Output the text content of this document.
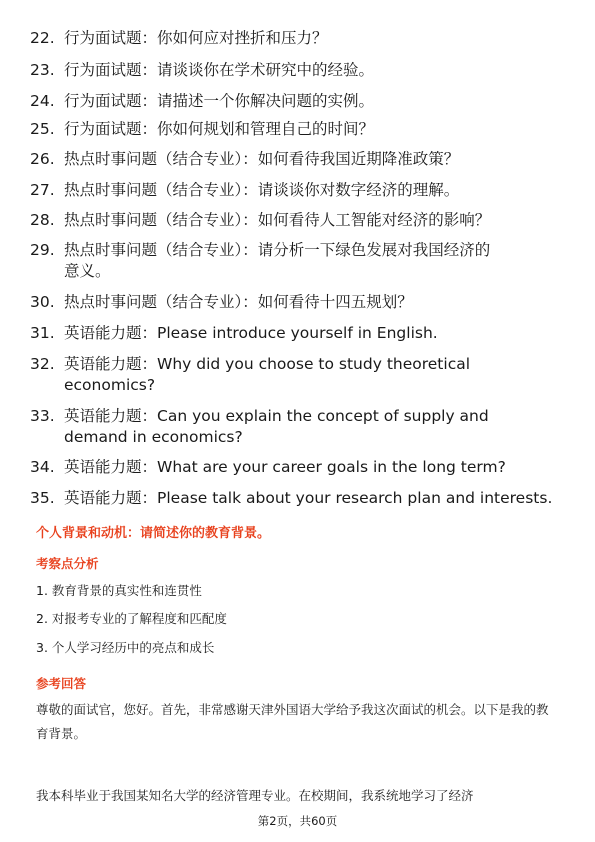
22. 行为面试题：你如何应对挫折和压力？
23. 行为面试题：请谈谈你在学术研究中的经验。
24. 行为面试题：请描述一个你解决问题的实例。
25. 行为面试题：你如何规划和管理自己的时间？
26. 热点时事问题（结合专业）：如何看待我国近期降准政策？
27. 热点时事问题（结合专业）：请谈谈你对数字经济的理解。
28. 热点时事问题（结合专业）：如何看待人工智能对经济的影响？
29. 热点时事问题（结合专业）：请分析一下绿色发展对我国经济的
意义。
30. 热点时事问题（结合专业）：如何看待十四五规划？
31. 英语能力题：Please introduce yourself in English.
32. 英语能力题：Why did you choose to study theoretical
economics?
33. 英语能力题：Can you explain the concept of supply and
demand in economics?
34. 英语能力题：What are your career goals in the long term?
35. 英语能力题：Please talk about your research plan and interests.
个人背景和动机：请简述你的教育背景。
考察点分析
1. 教育背景的真实性和连贯性
2. 对报考专业的了解程度和匹配度
3. 个人学习经历中的亮点和成长
参考回答
尊敬的面试官，您好。首先，非常感谢天津外国语大学给予我这次面试的机会。以下是我的教育背景。
我本科毕业于我国某知名大学的经济管理专业。在校期间，我系统地学习了经济
第2页，共60页
